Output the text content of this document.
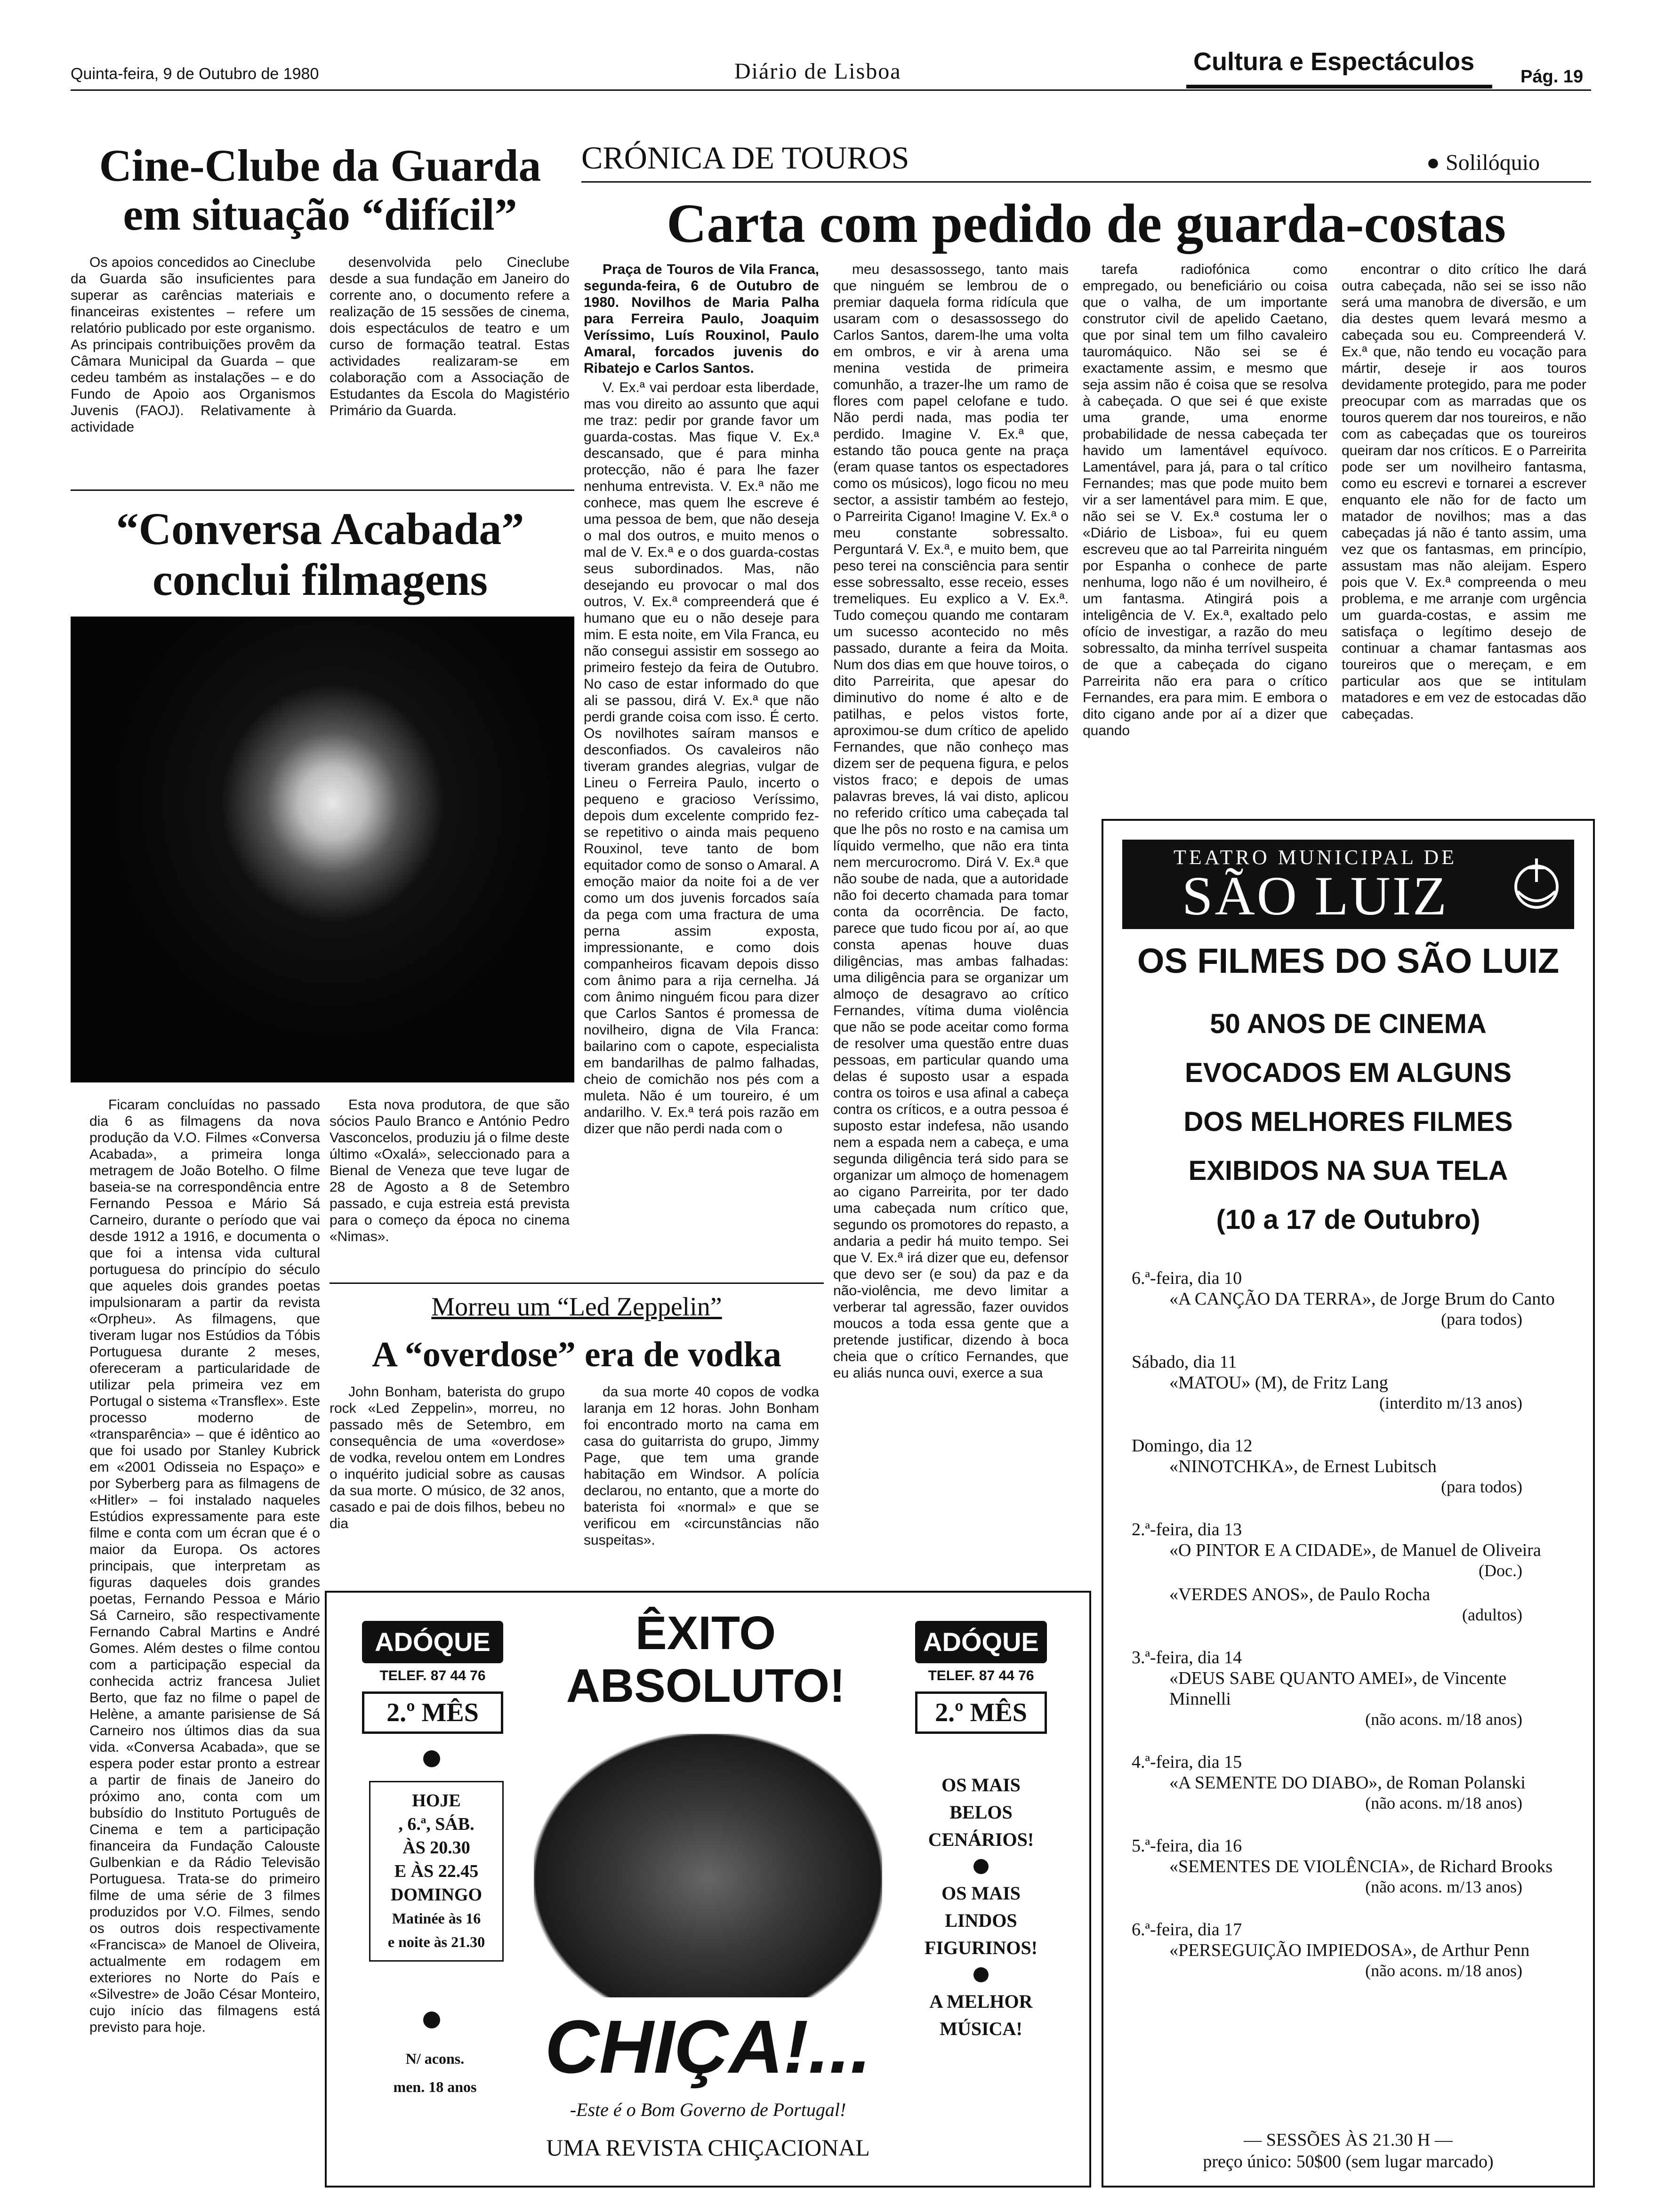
Quinta-feira, 9 de Outubro de 1980	Diário de Lisboa	Cultura e Espectáculos
Pág. 19
Cine-Clube da Guarda
em situação “difícil”

Os apoios concedidos ao Cineclube da Guarda são insuficientes para superar as carências materiais e financeiras existentes – refere um relatório publicado por este organismo. As principais contribuições provêm da Câmara Municipal da Guarda – que cedeu também as instalações – e do Fundo de Apoio aos Organismos Juvenis (FAOJ). Relativamente à actividade

desenvolvida pelo Cineclube desde a sua fundação em Janeiro do corrente ano, o documento refere a realização de 15 sessões de cinema, dois espectáculos de teatro e um curso de formação teatral. Estas actividades realizaram-se em colaboração com a Associação de Estudantes da Escola do Magistério Primário da Guarda.

“Conversa Acabada”
conclui filmagens

Ficaram concluídas no passado dia 6 as filmagens da nova produção da V.O. Filmes «Conversa Acabada», a primeira longa metragem de João Botelho. O filme baseia-se na correspondência entre Fernando Pessoa e Mário Sá Carneiro, durante o período que vai desde 1912 a 1916, e documenta o que foi a intensa vida cultural portuguesa do princípio do século que aqueles dois grandes poetas impulsionaram a partir da revista «Orpheu». As filmagens, que tiveram lugar nos Estúdios da Tóbis Portuguesa durante 2 meses, ofereceram a particularidade de utilizar pela primeira vez em Portugal o sistema «Transflex». Este processo moderno de «transparência» – que é idêntico ao que foi usado por Stanley Kubrick em «2001 Odisseia no Espaço» e por Syberberg para as filmagens de «Hitler» – foi instalado naqueles Estúdios expressamente para este filme e conta com um écran que é o maior da Europa. Os actores principais, que interpretam as figuras daqueles dois grandes poetas, Fernando Pessoa e Mário Sá Carneiro, são respectivamente Fernando Cabral Martins e André Gomes. Além destes o filme contou com a participação especial da conhecida actriz francesa Juliet Berto, que faz no filme o papel de Helène, a amante parisiense de Sá Carneiro nos últimos dias da sua vida. «Conversa Acabada», que se espera poder estar pronto a estrear a partir de finais de Janeiro do próximo ano, conta com um bubsídio do Instituto Português de Cinema e tem a participação financeira da Fundação Calouste Gulbenkian e da Rádio Televisão Portuguesa. Trata-se do primeiro filme de uma série de 3 filmes produzidos por V.O. Filmes, sendo os outros dois respectivamente «Francisca» de Manoel de Oliveira, actualmente em rodagem em exteriores no Norte do País e «Silvestre» de João César Monteiro, cujo início das filmagens está previsto para hoje.

Esta nova produtora, de que são sócios Paulo Branco e António Pedro Vasconcelos, produziu já o filme deste último «Oxalá», seleccionado para a Bienal de Veneza que teve lugar de 28 de Agosto a 8 de Setembro passado, e cuja estreia está prevista para o começo da época no cinema «Nimas».

CRÓNICA DE TOUROS	● Solilóquio
Carta com pedido de guarda-costas

Praça de Touros de Vila Franca, segunda-feira, 6 de Outubro de 1980. Novilhos de Maria Palha para Ferreira Paulo, Joaquim Veríssimo, Luís Rouxinol, Paulo Amaral, forcados juvenis do Ribatejo e Carlos Santos.

V. Ex.ª vai perdoar esta liberdade, mas vou direito ao assunto que aqui me traz: pedir por grande favor um guarda-costas. Mas fique V. Ex.ª descansado, que é para minha protecção, não é para lhe fazer nenhuma entrevista. V. Ex.ª não me conhece, mas quem lhe escreve é uma pessoa de bem, que não deseja o mal dos outros, e muito menos o mal de V. Ex.ª e o dos guarda-costas seus subordinados. Mas, não desejando eu provocar o mal dos outros, V. Ex.ª compreenderá que é humano que eu o não deseje para mim. E esta noite, em Vila Franca, eu não consegui assistir em sossego ao primeiro festejo da feira de Outubro. No caso de estar informado do que ali se passou, dirá V. Ex.ª que não perdi grande coisa com isso. É certo. Os novilhotes saíram mansos e desconfiados. Os cavaleiros não tiveram grandes alegrias, vulgar de Lineu o Ferreira Paulo, incerto o pequeno e gracioso Veríssimo, depois dum excelente comprido fez-se repetitivo o ainda mais pequeno Rouxinol, teve tanto de bom equitador como de sonso o Amaral. A emoção maior da noite foi a de ver como um dos juvenis forcados saía da pega com uma fractura de uma perna assim exposta, impressionante, e como dois companheiros ficavam depois disso com ânimo para a rija cernelha. Já com ânimo ninguém ficou para dizer que Carlos Santos é promessa de novilheiro, digna de Vila Franca: bailarino com o capote, especialista em bandarilhas de palmo falhadas, cheio de comichão nos pés com a muleta. Não é um toureiro, é um andarilho. V. Ex.ª terá pois razão em dizer que não perdi nada com o

meu desassossego, tanto mais que ninguém se lembrou de o premiar daquela forma ridícula que usaram com o desassossego do Carlos Santos, darem-lhe uma volta em ombros, e vir à arena uma menina vestida de primeira comunhão, a trazer-lhe um ramo de flores com papel celofane e tudo. Não perdi nada, mas podia ter perdido. Imagine V. Ex.ª que, estando tão pouca gente na praça (eram quase tantos os espectadores como os músicos), logo ficou no meu sector, a assistir também ao festejo, o Parreirita Cigano! Imagine V. Ex.ª o meu constante sobressalto. Perguntará V. Ex.ª, e muito bem, que peso terei na consciência para sentir esse sobressalto, esse receio, esses tremeliques. Eu explico a V. Ex.ª. Tudo começou quando me contaram um sucesso acontecido no mês passado, durante a feira da Moita. Num dos dias em que houve toiros, o dito Parreirita, que apesar do diminutivo do nome é alto e de patilhas, e pelos vistos forte, aproximou-se dum crítico de apelido Fernandes, que não conheço mas dizem ser de pequena figura, e pelos vistos fraco; e depois de umas palavras breves, lá vai disto, aplicou no referido crítico uma cabeçada tal que lhe pôs no rosto e na camisa um líquido vermelho, que não era tinta nem mercurocromo. Dirá V. Ex.ª que não soube de nada, que a autoridade não foi decerto chamada para tomar conta da ocorrência. De facto, parece que tudo ficou por aí, ao que consta apenas houve duas diligências, mas ambas falhadas: uma diligência para se organizar um almoço de desagravo ao crítico Fernandes, vítima duma violência que não se pode aceitar como forma de resolver uma questão entre duas pessoas, em particular quando uma delas é suposto usar a espada contra os toiros e usa afinal a cabeça contra os críticos, e a outra pessoa é suposto estar indefesa, não usando nem a espada nem a cabeça, e uma segunda diligência terá sido para se organizar um almoço de homenagem ao cigano Parreirita, por ter dado uma cabeçada num crítico que, segundo os promotores do repasto, a andaria a pedir há muito tempo. Sei que V. Ex.ª irá dizer que eu, defensor que devo ser (e sou) da paz e da não-violência, me devo limitar a verberar tal agressão, fazer ouvidos moucos a toda essa gente que a pretende justificar, dizendo à boca cheia que o crítico Fernandes, que eu aliás nunca ouvi, exerce a sua

tarefa radiofónica como empregado, ou beneficiário ou coisa que o valha, de um importante construtor civil de apelido Caetano, que por sinal tem um filho cavaleiro tauromáquico. Não sei se é exactamente assim, e mesmo que seja assim não é coisa que se resolva à cabeçada. O que sei é que existe uma grande, uma enorme probabilidade de nessa cabeçada ter havido um lamentável equívoco. Lamentável, para já, para o tal crítico Fernandes; mas que pode muito bem vir a ser lamentável para mim. E que, não sei se V. Ex.ª costuma ler o «Diário de Lisboa», fui eu quem escreveu que ao tal Parreirita ninguém por Espanha o conhece de parte nenhuma, logo não é um novilheiro, é um fantasma. Atingirá pois a inteligência de V. Ex.ª, exaltado pelo ofício de investigar, a razão do meu sobressalto, da minha terrível suspeita de que a cabeçada do cigano Parreirita não era para o crítico Fernandes, era para mim. E embora o dito cigano ande por aí a dizer que quando

encontrar o dito crítico lhe dará outra cabeçada, não sei se isso não será uma manobra de diversão, e um dia destes quem levará mesmo a cabeçada sou eu. Compreenderá V. Ex.ª que, não tendo eu vocação para mártir, deseje ir aos touros devidamente protegido, para me poder preocupar com as marradas que os touros querem dar nos toureiros, e não com as cabeçadas que os toureiros queiram dar nos críticos. E o Parreirita pode ser um novilheiro fantasma, como eu escrevi e tornarei a escrever enquanto ele não for de facto um matador de novilhos; mas a das cabeçadas já não é tanto assim, uma vez que os fantasmas, em princípio, assustam mas não aleijam. Espero pois que V. Ex.ª compreenda o meu problema, e me arranje com urgência um guarda-costas, e assim me satisfaça o legítimo desejo de continuar a chamar fantasmas aos toureiros que o mereçam, e em particular aos que se intitulam matadores e em vez de estocadas dão cabeçadas.

Morreu um “Led Zeppelin”
A “overdose” era de vodka

John Bonham, baterista do grupo rock «Led Zeppelin», morreu, no passado mês de Setembro, em consequência de uma «overdose» de vodka, revelou ontem em Londres o inquérito judicial sobre as causas da sua morte. O músico, de 32 anos, casado e pai de dois filhos, bebeu no dia

da sua morte 40 copos de vodka laranja em 12 horas. John Bonham foi encontrado morto na cama em casa do guitarrista do grupo, Jimmy Page, que tem uma grande habitação em Windsor. A polícia declarou, no entanto, que a morte do baterista foi «normal» e que se verificou em «circunstâncias não suspeitas».

ADÓQUE
TELEF. 87 44 76
2.º MÊS
HOJE
, 6.ª, SÁB.
ÀS 20.30
E ÀS 22.45
DOMINGO
Matinée às 16
e noite às 21.30
N/ acons.
men. 18 anos
ÊXITO
ABSOLUTO!
CHIÇA!...
-Este é o Bom Governo de Portugal!
UMA REVISTA CHIÇACIONAL
ADÓQUE
TELEF. 87 44 76
2.º MÊS
OS MAIS
BELOS
CENÁRIOS!
OS MAIS
LINDOS
FIGURINOS!
A MELHOR
MÚSICA!
TEATRO MUNICIPAL DE
SÃO LUIZ
OS FILMES DO SÃO LUIZ
50 ANOS DE CINEMA
EVOCADOS EM ALGUNS
DOS MELHORES FILMES
EXIBIDOS NA SUA TELA
(10 a 17 de Outubro)
6.ª-feira, dia 10
«A CANÇÃO DA TERRA», de Jorge Brum do Canto
(para todos)
Sábado, dia 11
«MATOU» (M), de Fritz Lang
(interdito m/13 anos)
Domingo, dia 12
«NINOTCHKA», de Ernest Lubitsch
(para todos)
2.ª-feira, dia 13
«O PINTOR E A CIDADE», de Manuel de Oliveira
(Doc.)
«VERDES ANOS», de Paulo Rocha
(adultos)
3.ª-feira, dia 14
«DEUS SABE QUANTO AMEI», de Vincente Minnelli
(não acons. m/18 anos)
4.ª-feira, dia 15
«A SEMENTE DO DIABO», de Roman Polanski
(não acons. m/18 anos)
5.ª-feira, dia 16
«SEMENTES DE VIOLÊNCIA», de Richard Brooks
(não acons. m/13 anos)
6.ª-feira, dia 17
«PERSEGUIÇÃO IMPIEDOSA», de Arthur Penn
(não acons. m/18 anos)
— SESSÕES ÀS 21.30 H —
preço único: 50$00 (sem lugar marcado)
